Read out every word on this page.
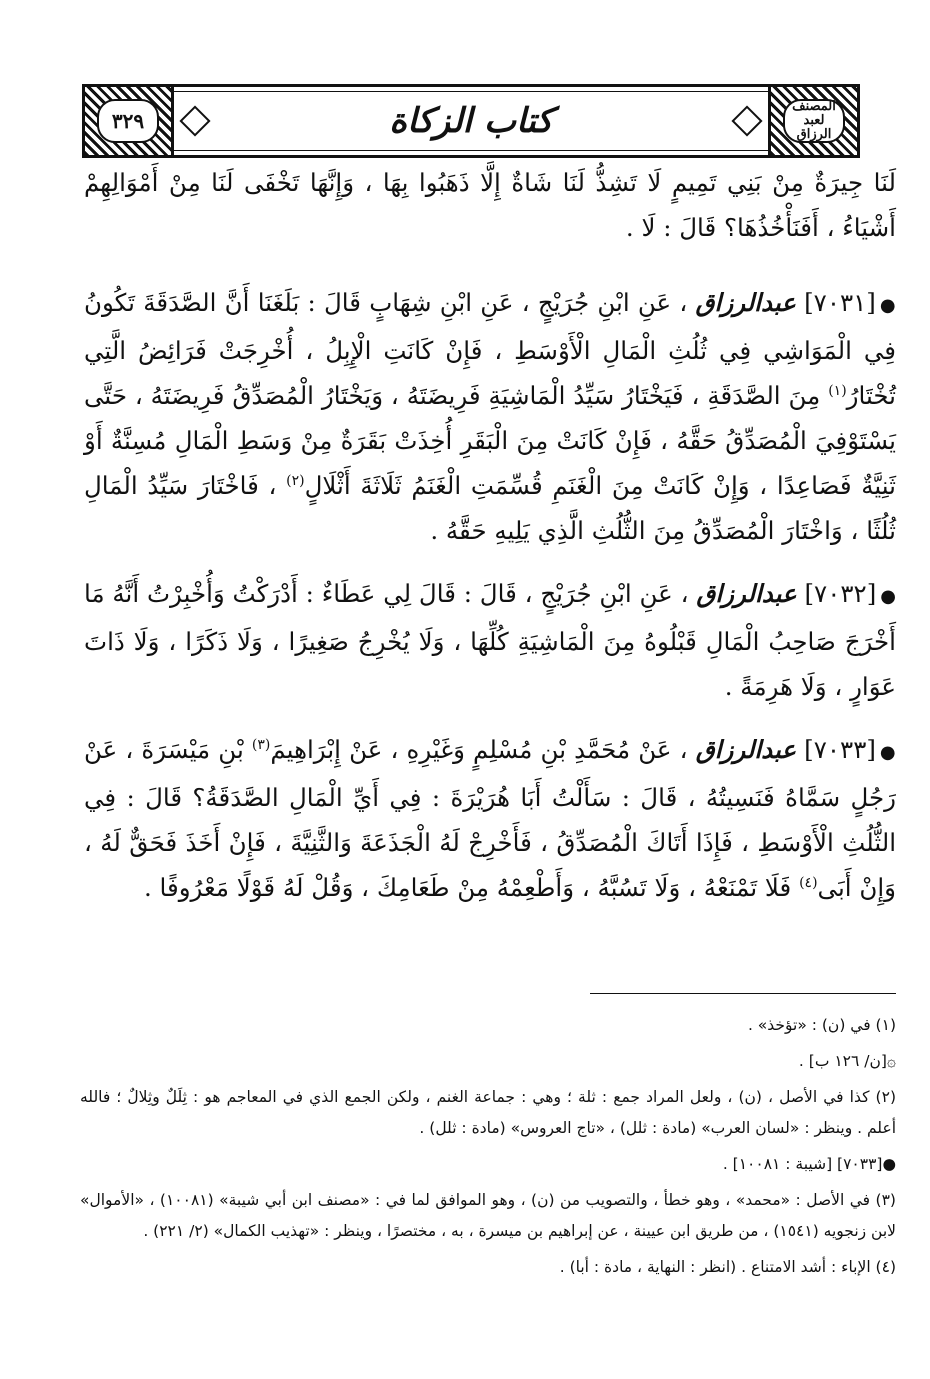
٣٢٩	كتاب الزكاة	المصنف لعبد الرزاق

لَنَا جِيرَةٌ مِنْ بَنِي تَمِيمٍ لَا تَشِذُّ لَنَا شَاةٌ إِلَّا ذَهَبُوا بِهَا ، وَإِنَّهَا تَخْفَى لَنَا مِنْ أَمْوَالِهِمْ أَشْيَاءُ ، أَفَنَأْخُذُهَا؟ قَالَ : لَا .

●[٧٠٣١] عبدالرزاق ، عَنِ ابْنِ جُرَيْجٍ ، عَنِ ابْنِ شِهَابٍ قَالَ : بَلَغَنَا أَنَّ الصَّدَقَةَ تَكُونُ فِي الْمَوَاشِي فِي ثُلُثِ الْمَالِ الْأَوْسَطِ ، فَإِنْ كَانَتِ الْإِبِلُ ، أُخْرِجَتْ فَرَائِضُ الَّتِي تُخْتَارُ$^{(١)}$ مِنَ الصَّدَقَةِ ، فَيَخْتَارُ سَيِّدُ الْمَاشِيَةِ فَرِيضَتَهُ ، وَيَخْتَارُ الْمُصَدِّقُ فَرِيضَتَهُ ، حَتَّى يَسْتَوْفِيَ الْمُصَدِّقُ حَقَّهُ ، فَإِنْ كَانَتْ مِنَ الْبَقَرِ أُخِذَتْ بَقَرَةٌ مِنْ وَسَطِ الْمَالِ مُسِنَّةٌ أَوْ ثَنِيَّةٌ فَصَاعِدًا ، وَإِنْ كَانَتْ مِنَ الْغَنَمِ قُسِّمَتِ الْغَنَمُ ثَلَاثَةَ أَثْلَالٍ$^{(٢)}$ ، فَاخْتَارَ سَيِّدُ الْمَالِ ثُلُثًا ، وَاخْتَارَ الْمُصَدِّقُ مِنَ الثُّلُثِ الَّذِي يَلِيهِ حَقَّهُ .

●[٧٠٣٢] عبدالرزاق ، عَنِ ابْنِ جُرَيْجٍ ، قَالَ : قَالَ لِي عَطَاءٌ : أَدْرَكْتُ وَأُخْبِرْتُ أَنَّهُ مَا أَخْرَجَ صَاحِبُ الْمَالِ قَبْلُوهُ مِنَ الْمَاشِيَةِ كُلِّهَا ، وَلَا يُخْرِجُ صَغِيرًا ، وَلَا ذَكَرًا ، وَلَا ذَاتَ عَوَارٍ ، وَلَا هَرِمَةً .

●[٧٠٣٣] عبدالرزاق ، عَنْ مُحَمَّدِ بْنِ مُسْلِمٍ وَغَيْرِهِ ، عَنْ إِبْرَاهِيمَ$^{(٣)}$ بْنِ مَيْسَرَةَ ، عَنْ رَجُلٍ سَمَّاهُ فَنَسِيتُهُ ، قَالَ : سَأَلْتُ أَبَا هُرَيْرَةَ : فِي أَيِّ الْمَالِ الصَّدَقَةُ؟ قَالَ : فِي الثُّلُثِ الْأَوْسَطِ ، فَإِذَا أَتَاكَ الْمُصَدِّقُ ، فَأَخْرِجْ لَهُ الْجَذَعَةَ وَالثَّنِيَّةَ ، فَإِنْ أَخَذَ فَحَقٌّ لَهُ ، وَإِنْ أَبَى$^{(٤)}$ فَلَا تَمْنَعْهُ ، وَلَا تَسُبَّهُ ، وَأَطْعِمْهُ مِنْ طَعَامِكَ ، وَقُلْ لَهُ قَوْلًا مَعْرُوفًا .

(١) في (ن) : «تؤخذ» .

۞[ن/ ١٢٦ ب] .

(٢) كذا في الأصل ، (ن) ، ولعل المراد جمع : ثلة ؛ وهي : جماعة الغنم ، ولكن الجمع الذي في المعاجم هو : ثِلَلٌ وثِلالٌ ؛ فالله أعلم . وينظر : «لسان العرب» (مادة : ثلل) ، «تاج العروس» (مادة : ثلل) .

●[٧٠٣٣] [شيبة : ١٠٠٨١] .

(٣) في الأصل : «محمد» ، وهو خطأ ، والتصويب من (ن) ، وهو الموافق لما في : «مصنف ابن أبي شيبة» (١٠٠٨١) ، «الأموال» لابن زنجويه (١٥٤١) ، من طريق ابن عيينة ، عن إبراهيم بن ميسرة ، به ، مختصرًا ، وينظر : «تهذيب الكمال» (٢/ ٢٢١) .

(٤) الإباء : أشد الامتناع . (انظر : النهاية ، مادة : أبا) .
